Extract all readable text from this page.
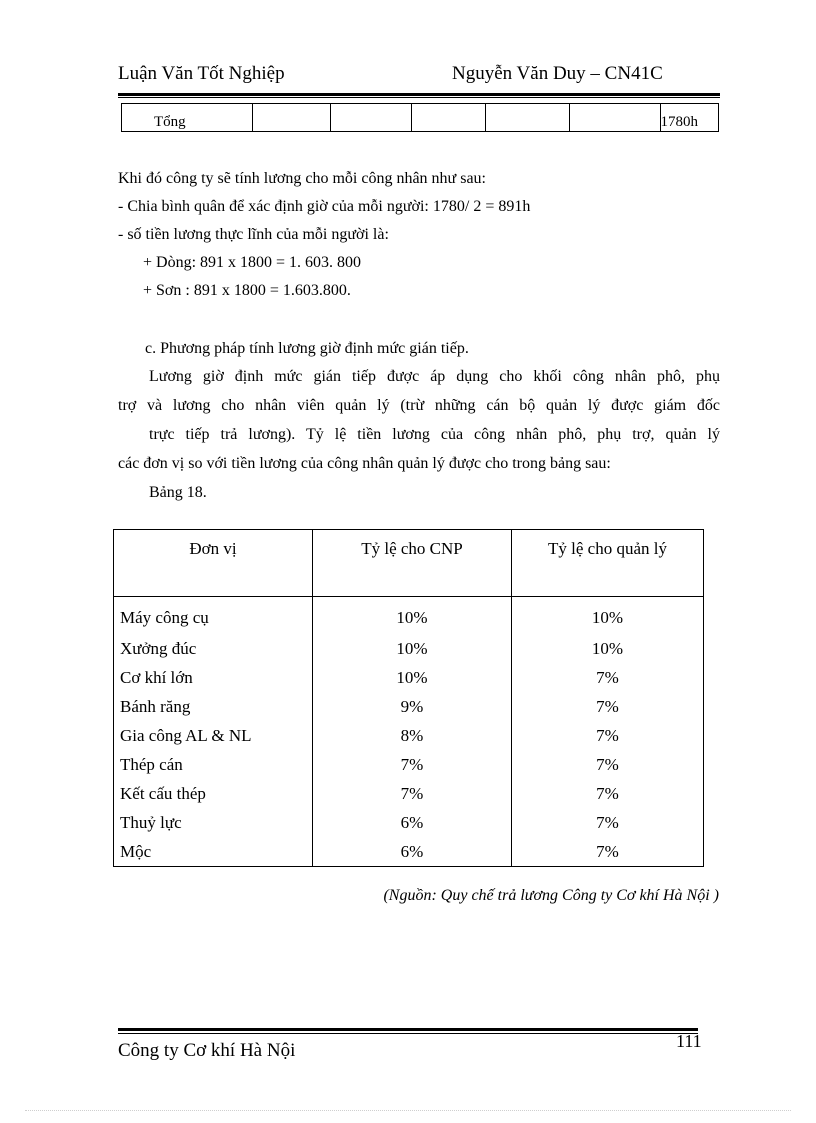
Luận Văn Tốt Nghiệp	Nguyễn Văn Duy – CN41C
Tổng						1780h
Khi đó công ty sẽ tính lương cho mỗi công nhân như sau:
- Chia bình quân để xác định giờ của mỗi người: 1780/ 2 = 891h
- số tiền lương thực lĩnh của mỗi người là:
+ Dòng: 891 x 1800 = 1. 603. 800
+ Sơn : 891 x 1800 = 1.603.800.
c. Phương pháp tính lương giờ định mức gián tiếp.
Lương giờ định mức gián tiếp được áp dụng cho khối công nhân phô, phụ
trợ và lương cho nhân viên quản lý (trừ những cán bộ quản lý được giám đốc
trực tiếp trả lương). Tỷ lệ tiền lương của công nhân phô, phụ trợ, quản lý
các đơn vị so với tiền lương của công nhân quản lý được cho trong bảng sau:
Bảng 18.
Đơn vị	Tỷ lệ cho CNP	Tỷ lệ cho quản lý
Máy công cụ	10%	10%
Xưởng đúc	10%	10%
Cơ khí lớn	10%	7%
Bánh răng	9%	7%
Gia công AL & NL	8%	7%
Thép cán	7%	7%
Kết cấu thép	7%	7%
Thuỷ lực	6%	7%
Mộc	6%	7%
(Nguồn: Quy chế trả lương Công ty Cơ khí Hà Nội )
Công ty Cơ khí Hà Nội	111
